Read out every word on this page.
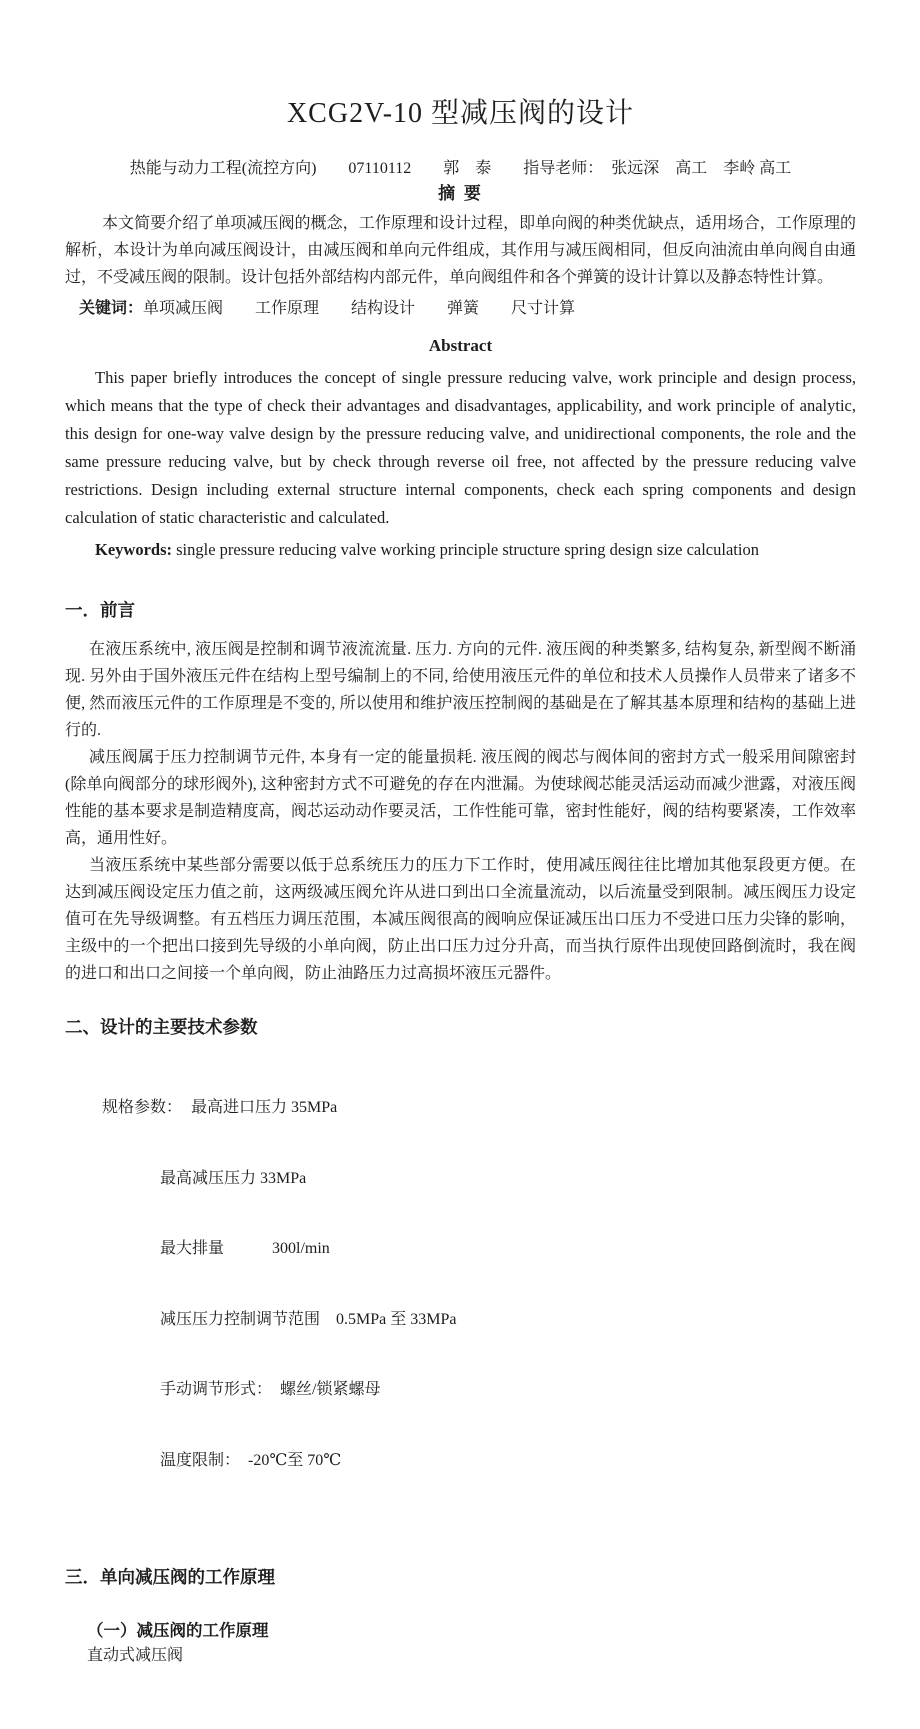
XCG2V-10 型减压阀的设计

热能与动力工程(流控方向)　　07110112　　郭　泰　　指导老师：　张远深　高工　李岭 高工

摘 要

本文简要介绍了单项减压阀的概念，工作原理和设计过程，即单向阀的种类优缺点，适用场合，工作原理的解析，本设计为单向减压阀设计，由减压阀和单向元件组成，其作用与减压阀相同，但反向油流由单向阀自由通过，不受减压阀的限制。设计包括外部结构内部元件，单向阀组件和各个弹簧的设计计算以及静态特性计算。

关键词：单项减压阀　　工作原理　　结构设计　　弹簧　　尺寸计算

Abstract

This paper briefly introduces the concept of single pressure reducing valve, work principle and design process, which means that the type of check their advantages and disadvantages, applicability, and work principle of analytic, this design for one-way valve design by the pressure reducing valve, and unidirectional components, the role and the same pressure reducing valve, but by check through reverse oil free, not affected by the pressure reducing valve restrictions. Design including external structure internal components, check each spring components and design calculation of static characteristic and calculated.

Keywords: single pressure reducing valve working principle structure spring design size calculation

一．前言

在液压系统中, 液压阀是控制和调节液流流量. 压力. 方向的元件. 液压阀的种类繁多, 结构复杂, 新型阀不断涌现. 另外由于国外液压元件在结构上型号编制上的不同, 给使用液压元件的单位和技术人员操作人员带来了诸多不便, 然而液压元件的工作原理是不变的, 所以使用和维护液压控制阀的基础是在了解其基本原理和结构的基础上进行的.

减压阀属于压力控制调节元件, 本身有一定的能量损耗. 液压阀的阀芯与阀体间的密封方式一般采用间隙密封(除单向阀部分的球形阀外), 这种密封方式不可避免的存在内泄漏。为使球阀芯能灵活运动而减少泄露，对液压阀性能的基本要求是制造精度高，阀芯运动动作要灵活，工作性能可靠，密封性能好，阀的结构要紧凑，工作效率高，通用性好。

当液压系统中某些部分需要以低于总系统压力的压力下工作时，使用减压阀往往比增加其他泵段更方便。在达到减压阀设定压力值之前，这两级减压阀允许从进口到出口全流量流动，以后流量受到限制。减压阀压力设定值可在先导级调整。有五档压力调压范围，本减压阀很高的阀响应保证减压出口压力不受进口压力尖锋的影响，主级中的一个把出口接到先导级的小单向阀，防止出口压力过分升高，而当执行原件出现使回路倒流时，我在阀的进口和出口之间接一个单向阀，防止油路压力过高损坏液压元器件。

二、设计的主要技术参数

规格参数： 最高进口压力 35MPa

最高减压压力 33MPa

最大排量　　　300l/min

减压压力控制调节范围　0.5MPa 至 33MPa

手动调节形式：　螺丝/锁紧螺母

温度限制：　-20℃至 70℃

三．单向减压阀的工作原理
（一）减压阀的工作原理

直动式减压阀
